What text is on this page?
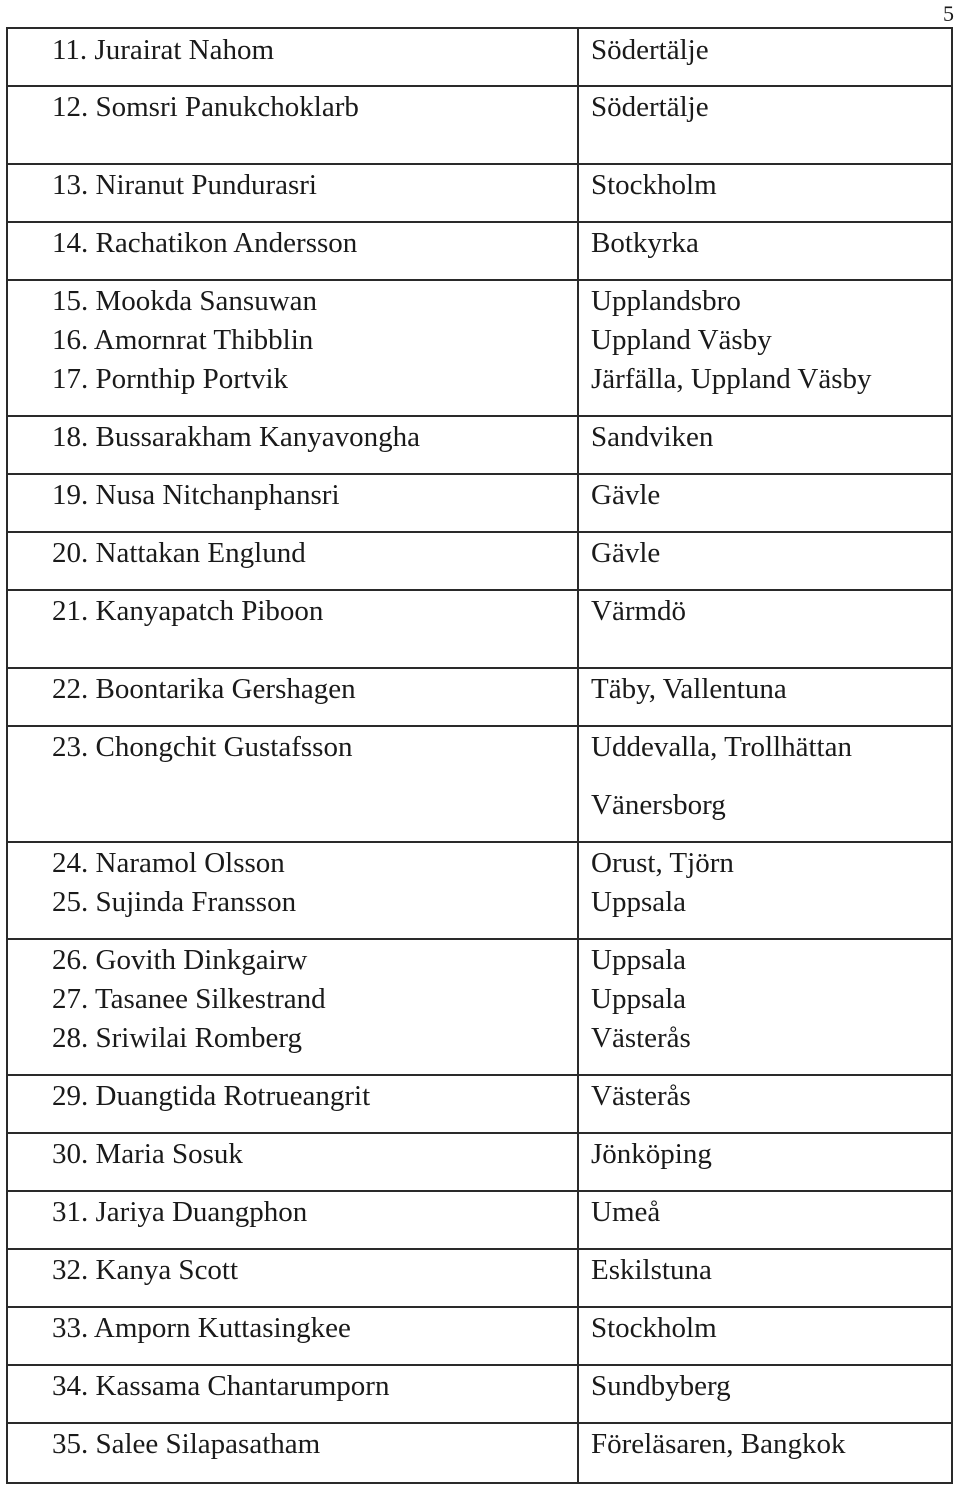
5
11. Jurairat Nahom	Södertälje
12. Somsri Panukchoklarb	Södertälje
13. Niranut Pundurasri	Stockholm
14. Rachatikon Andersson	Botkyrka
15. Mookda Sansuwan	Upplandsbro
16. Amornrat Thibblin	Uppland Väsby
17. Pornthip Portvik	Järfälla, Uppland Väsby
18. Bussarakham Kanyavongha	Sandviken
19. Nusa Nitchanphansri	Gävle
20. Nattakan Englund	Gävle
21. Kanyapatch Piboon	Värmdö
22. Boontarika Gershagen	Täby, Vallentuna
23. Chongchit Gustafsson	Uddevalla, Trollhättan
Vänersborg
24. Naramol Olsson	Orust, Tjörn
25. Sujinda Fransson	Uppsala
26. Govith Dinkgairw	Uppsala
27. Tasanee Silkestrand	Uppsala
28. Sriwilai Romberg	Västerås
29. Duangtida Rotrueangrit	Västerås
30. Maria Sosuk	Jönköping
31. Jariya Duangphon	Umeå
32. Kanya Scott	Eskilstuna
33. Amporn Kuttasingkee	Stockholm
34. Kassama Chantarumporn	Sundbyberg
35. Salee Silapasatham	Föreläsaren, Bangkok
